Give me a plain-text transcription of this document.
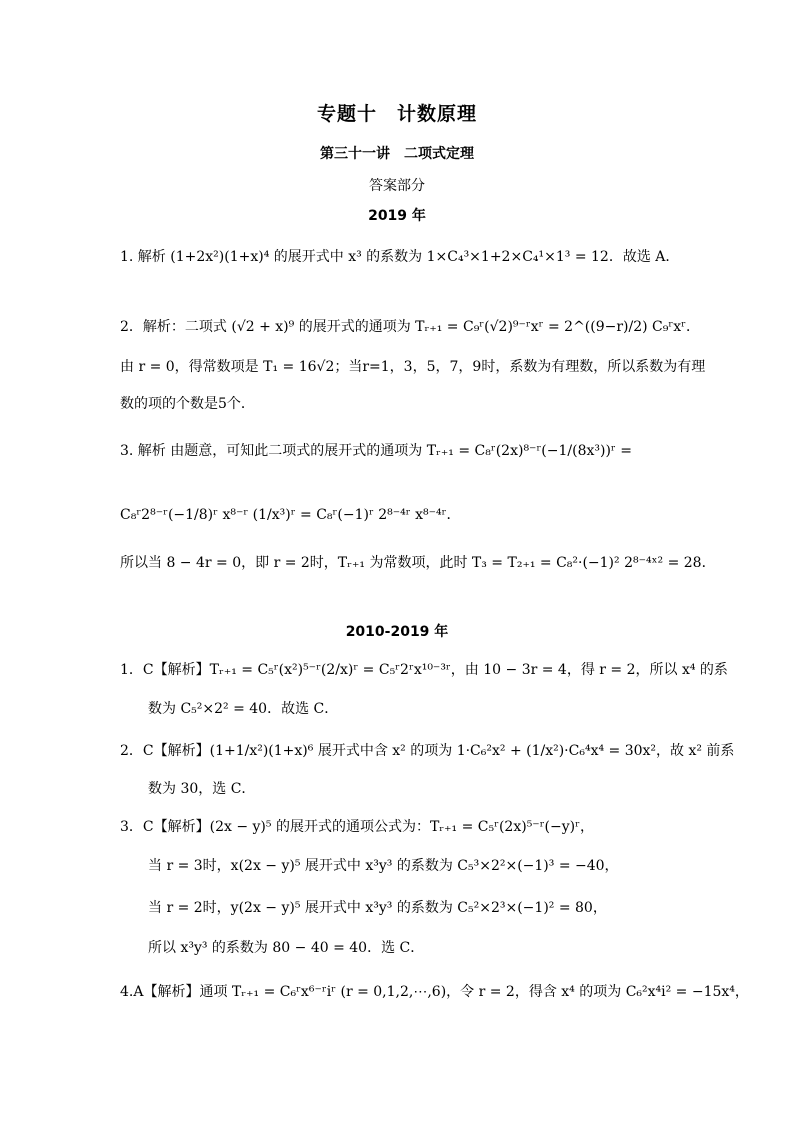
专题十　计数原理
第三十一讲　二项式定理
答案部分
2019 年
1. 解析 (1+2x²)(1+x)⁴ 的展开式中 x³ 的系数为 1×C₄³×1+2×C₄¹×1³ = 12．故选 A．
2．解析：二项式 (√2 + x)⁹ 的展开式的通项为 Tᵣ₊₁ = C₉ʳ(√2)⁹⁻ʳxʳ = 2^((9−r)/2) C₉ʳxʳ．
由 r = 0，得常数项是 T₁ = 16√2；当r=1，3，5，7，9时，系数为有理数，所以系数为有理
数的项的个数是5个．
3. 解析 由题意，可知此二项式的展开式的通项为 Tᵣ₊₁ = C₈ʳ(2x)⁸⁻ʳ(−1/(8x³))ʳ =
C₈ʳ2⁸⁻ʳ(−1/8)ʳ x⁸⁻ʳ (1/x³)ʳ = C₈ʳ(−1)ʳ 2⁸⁻⁴ʳ x⁸⁻⁴ʳ．
所以当 8 − 4r = 0，即 r = 2时，Tᵣ₊₁ 为常数项，此时 T₃ = T₂₊₁ = C₈²·(−1)² 2⁸⁻⁴ˣ² = 28．
2010-2019 年
1．C【解析】Tᵣ₊₁ = C₅ʳ(x²)⁵⁻ʳ(2/x)ʳ = C₅ʳ2ʳx¹⁰⁻³ʳ，由 10 − 3r = 4，得 r = 2，所以 x⁴ 的系
数为 C₅²×2² = 40．故选 C．
2．C【解析】(1+1/x²)(1+x)⁶ 展开式中含 x² 的项为 1·C₆²x² + (1/x²)·C₆⁴x⁴ = 30x²，故 x² 前系
数为 30，选 C．
3．C【解析】(2x − y)⁵ 的展开式的通项公式为：Tᵣ₊₁ = C₅ʳ(2x)⁵⁻ʳ(−y)ʳ，
当 r = 3时，x(2x − y)⁵ 展开式中 x³y³ 的系数为 C₅³×2²×(−1)³ = −40，
当 r = 2时，y(2x − y)⁵ 展开式中 x³y³ 的系数为 C₅²×2³×(−1)² = 80，
所以 x³y³ 的系数为 80 − 40 = 40．选 C．
4.A【解析】通项 Tᵣ₊₁ = C₆ʳx⁶⁻ʳiʳ (r = 0,1,2,⋯,6)，令 r = 2，得含 x⁴ 的项为 C₆²x⁴i² = −15x⁴，
